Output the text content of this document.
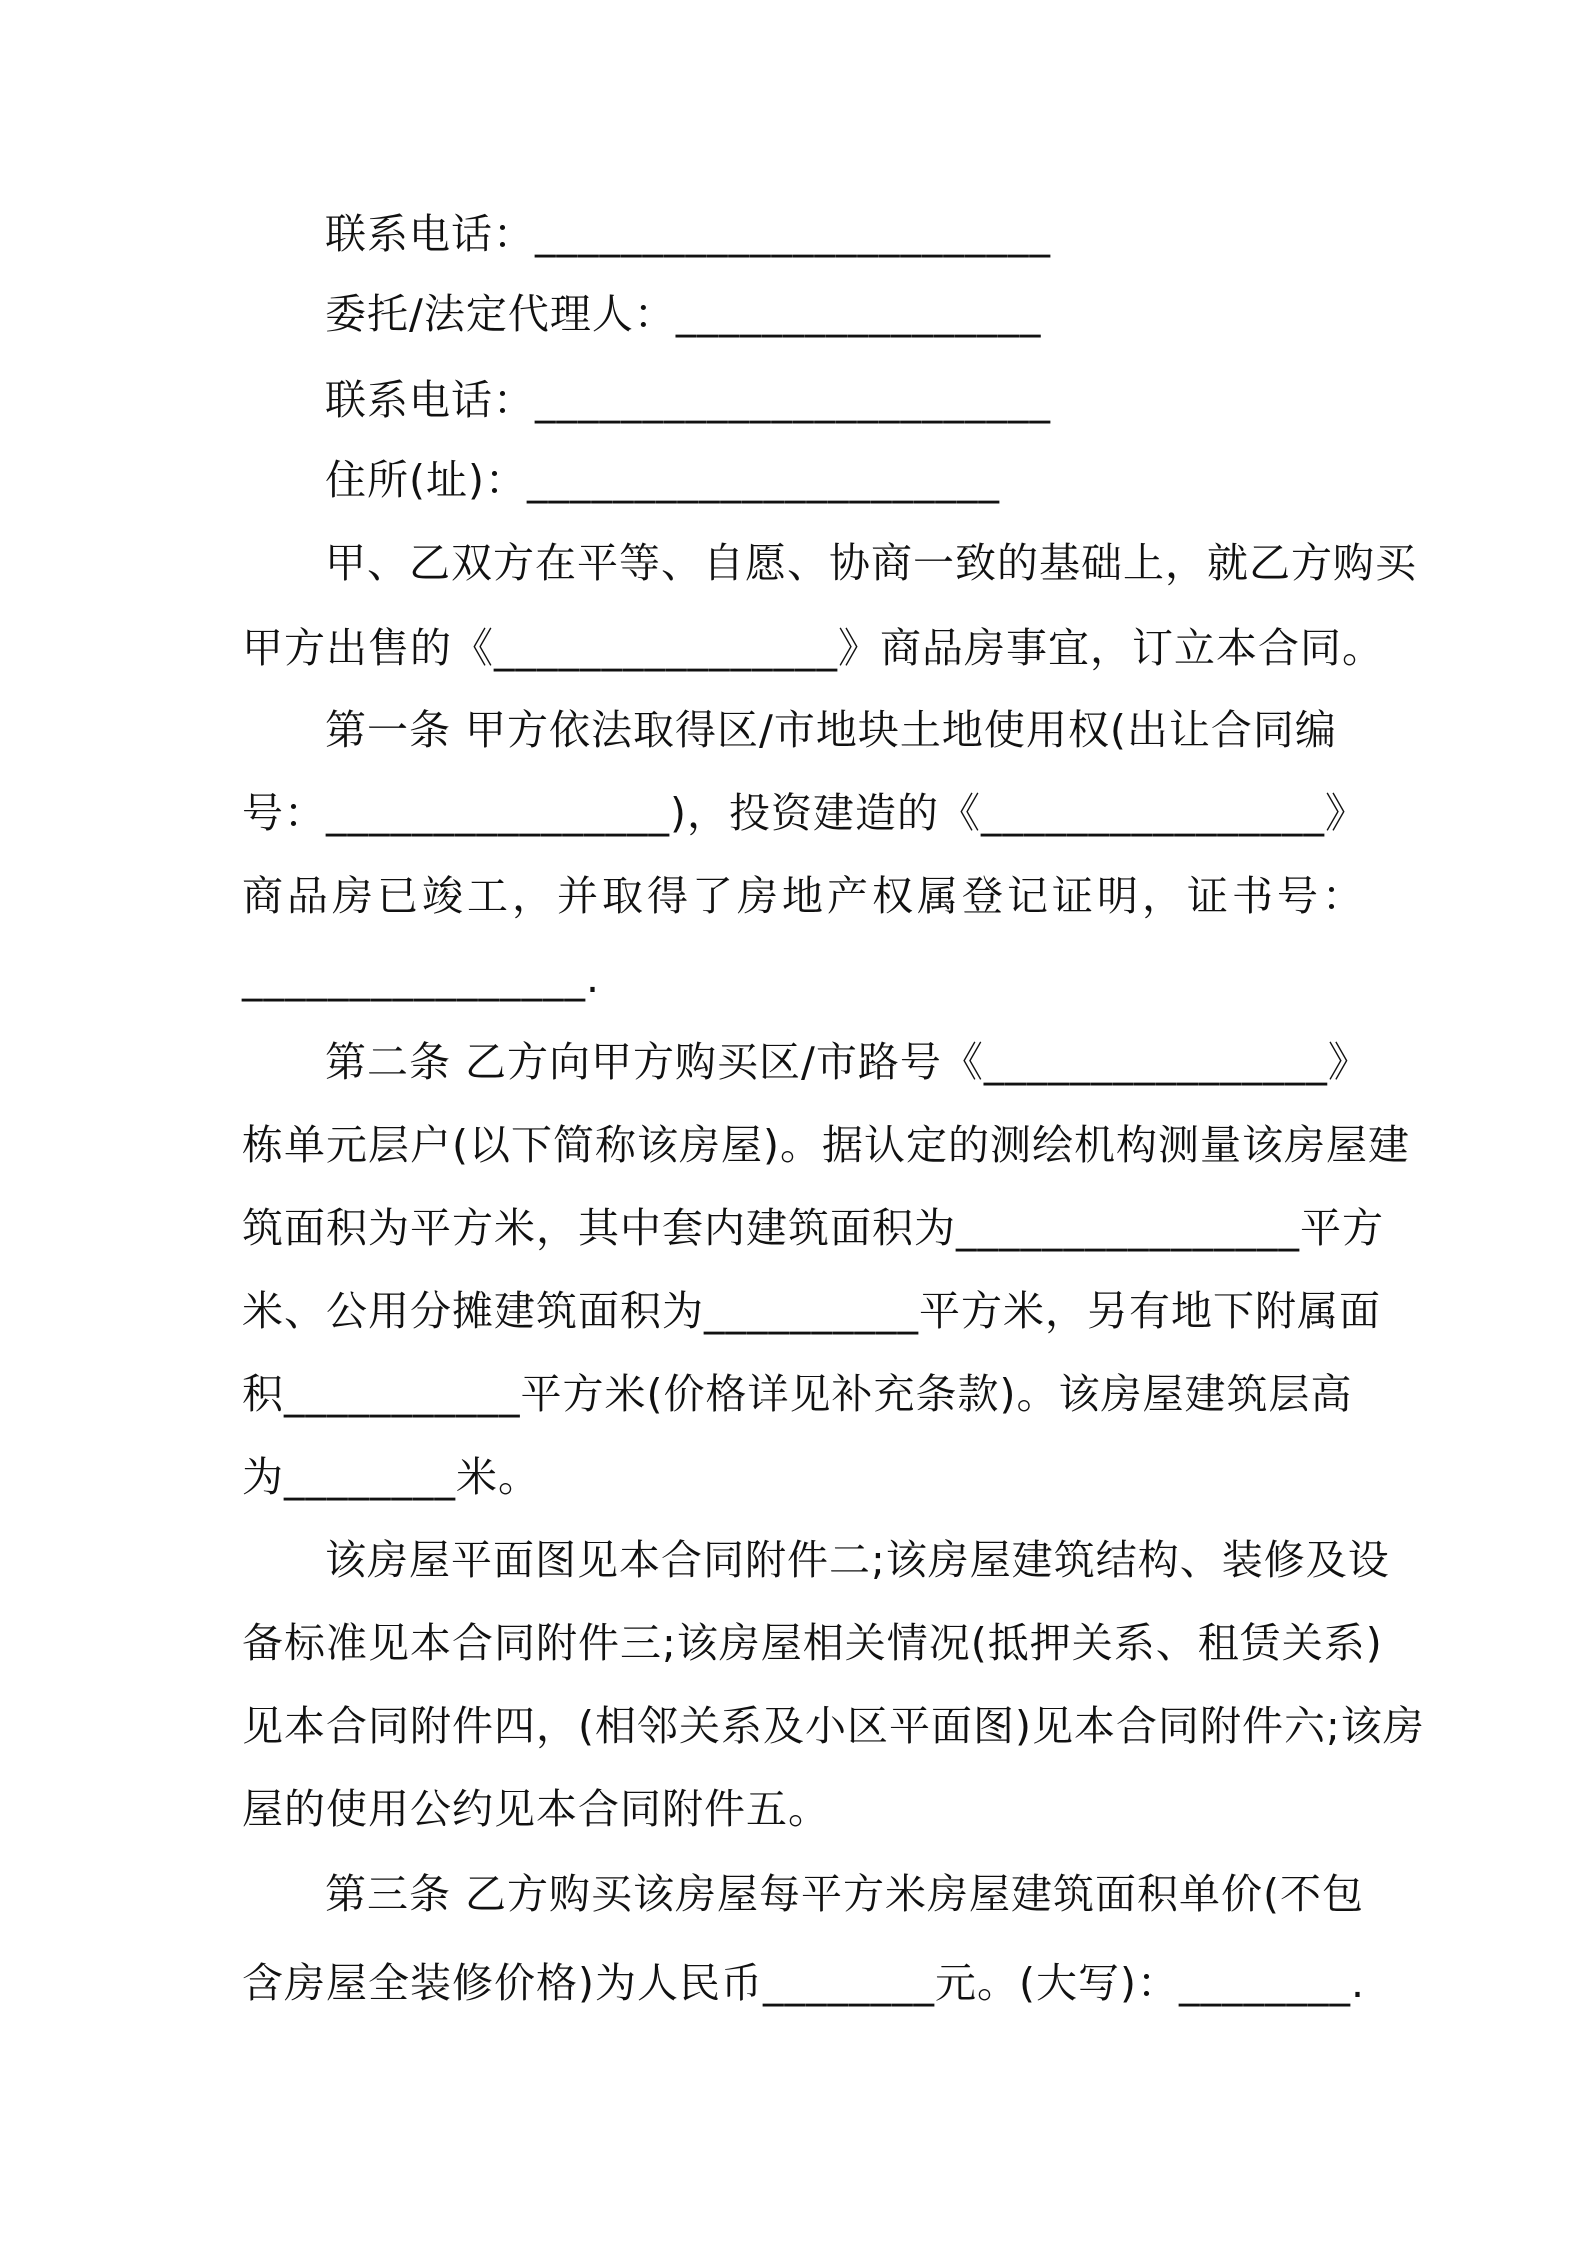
联系电话：________________________
委托/法定代理人：_________________
联系电话：________________________
住所(址)：______________________
甲、乙双方在平等、自愿、协商一致的基础上，就乙方购买
甲方出售的《________________》商品房事宜，订立本合同。
第一条 甲方依法取得区/市地块土地使用权(出让合同编
号：________________)，投资建造的《________________》
商品房已竣工，并取得了房地产权属登记证明，证书号：
________________.
第二条 乙方向甲方购买区/市路号《________________》
栋单元层户(以下简称该房屋)。据认定的测绘机构测量该房屋建
筑面积为平方米，其中套内建筑面积为________________平方
米、公用分摊建筑面积为__________平方米，另有地下附属面
积___________平方米(价格详见补充条款)。该房屋建筑层高
为________米。
该房屋平面图见本合同附件二;该房屋建筑结构、装修及设
备标准见本合同附件三;该房屋相关情况(抵押关系、租赁关系)
见本合同附件四，(相邻关系及小区平面图)见本合同附件六;该房
屋的使用公约见本合同附件五。
第三条 乙方购买该房屋每平方米房屋建筑面积单价(不包
含房屋全装修价格)为人民币________元。(大写)：________.
